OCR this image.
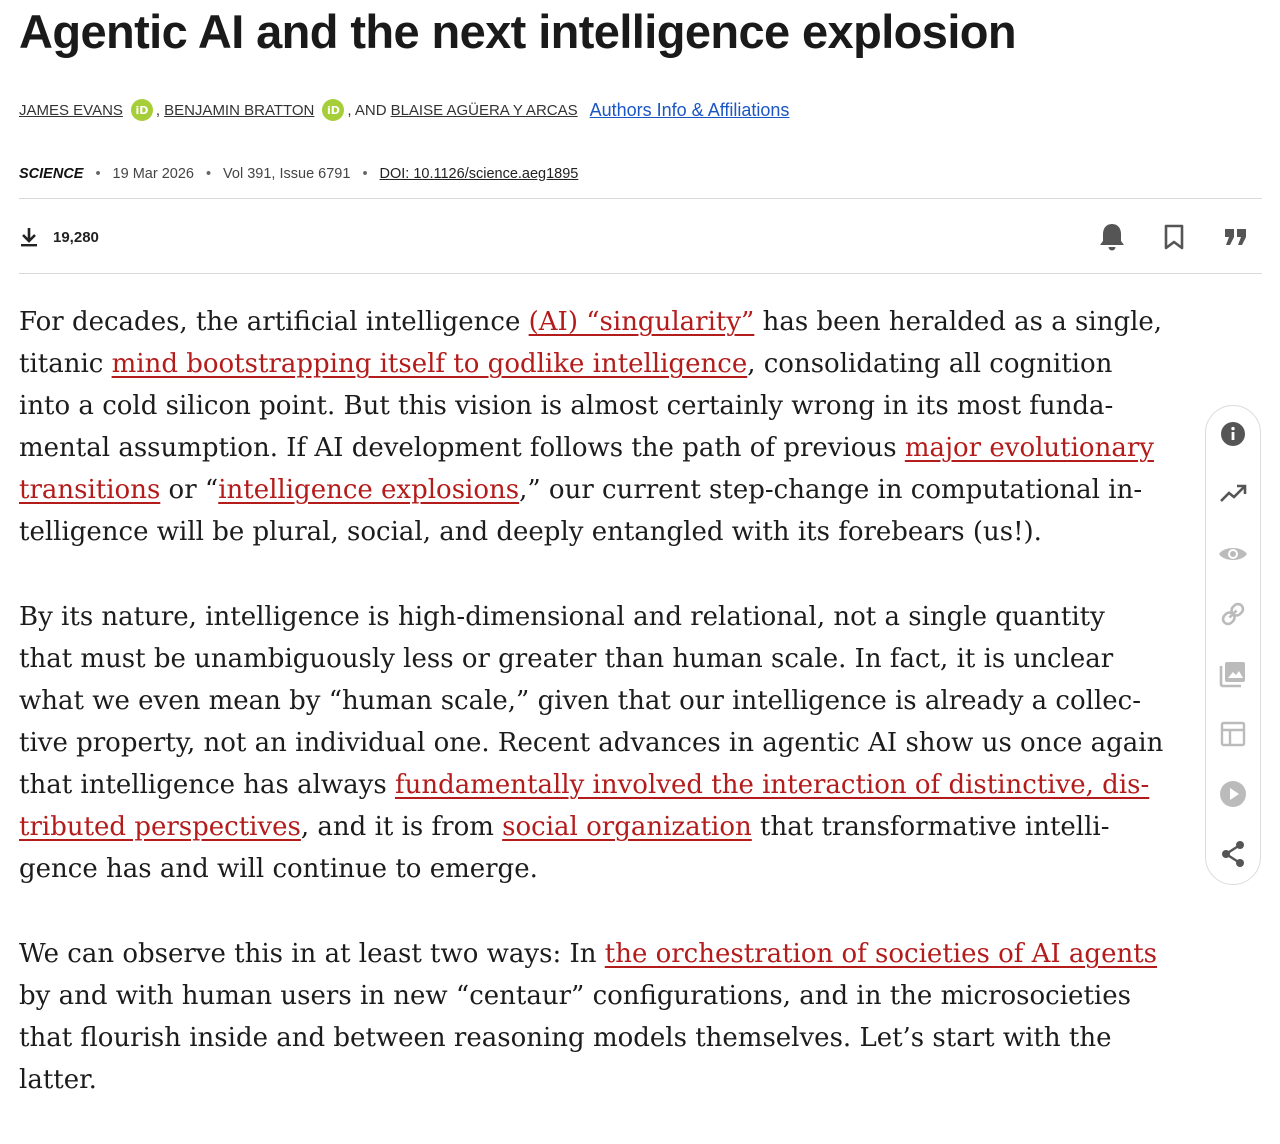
Agentic AI and the next intelligence explosion
JAMES EVANS	iD , BENJAMIN BRATTON	iD , AND BLAISE AGÜERA Y ARCAS Authors Info & Affiliations
SCIENCE • 19 Mar 2026 • Vol 391, Issue 6791 • DOI: 10.1126/science.aeg1895
19,280

For decades, the artificial intelligence (AI) “singularity” has been heralded as a single,
titanic mind bootstrapping itself to godlike intelligence, consolidating all cognition
into a cold silicon point. But this vision is almost certainly wrong in its most funda-
mental assumption. If AI development follows the path of previous major evolutionary
transitions or “intelligence explosions,” our current step-change in computational in-
telligence will be plural, social, and deeply entangled with its forebears (us!).

By its nature, intelligence is high-dimensional and relational, not a single quantity
that must be unambiguously less or greater than human scale. In fact, it is unclear
what we even mean by “human scale,” given that our intelligence is already a collec-
tive property, not an individual one. Recent advances in agentic AI show us once again
that intelligence has always fundamentally involved the interaction of distinctive, dis-
tributed perspectives, and it is from social organization that transformative intelli-
gence has and will continue to emerge.

We can observe this in at least two ways: In the orchestration of societies of AI agents
by and with human users in new “centaur” configurations, and in the microsocieties
that flourish inside and between reasoning models themselves. Let’s start with the
latter.
